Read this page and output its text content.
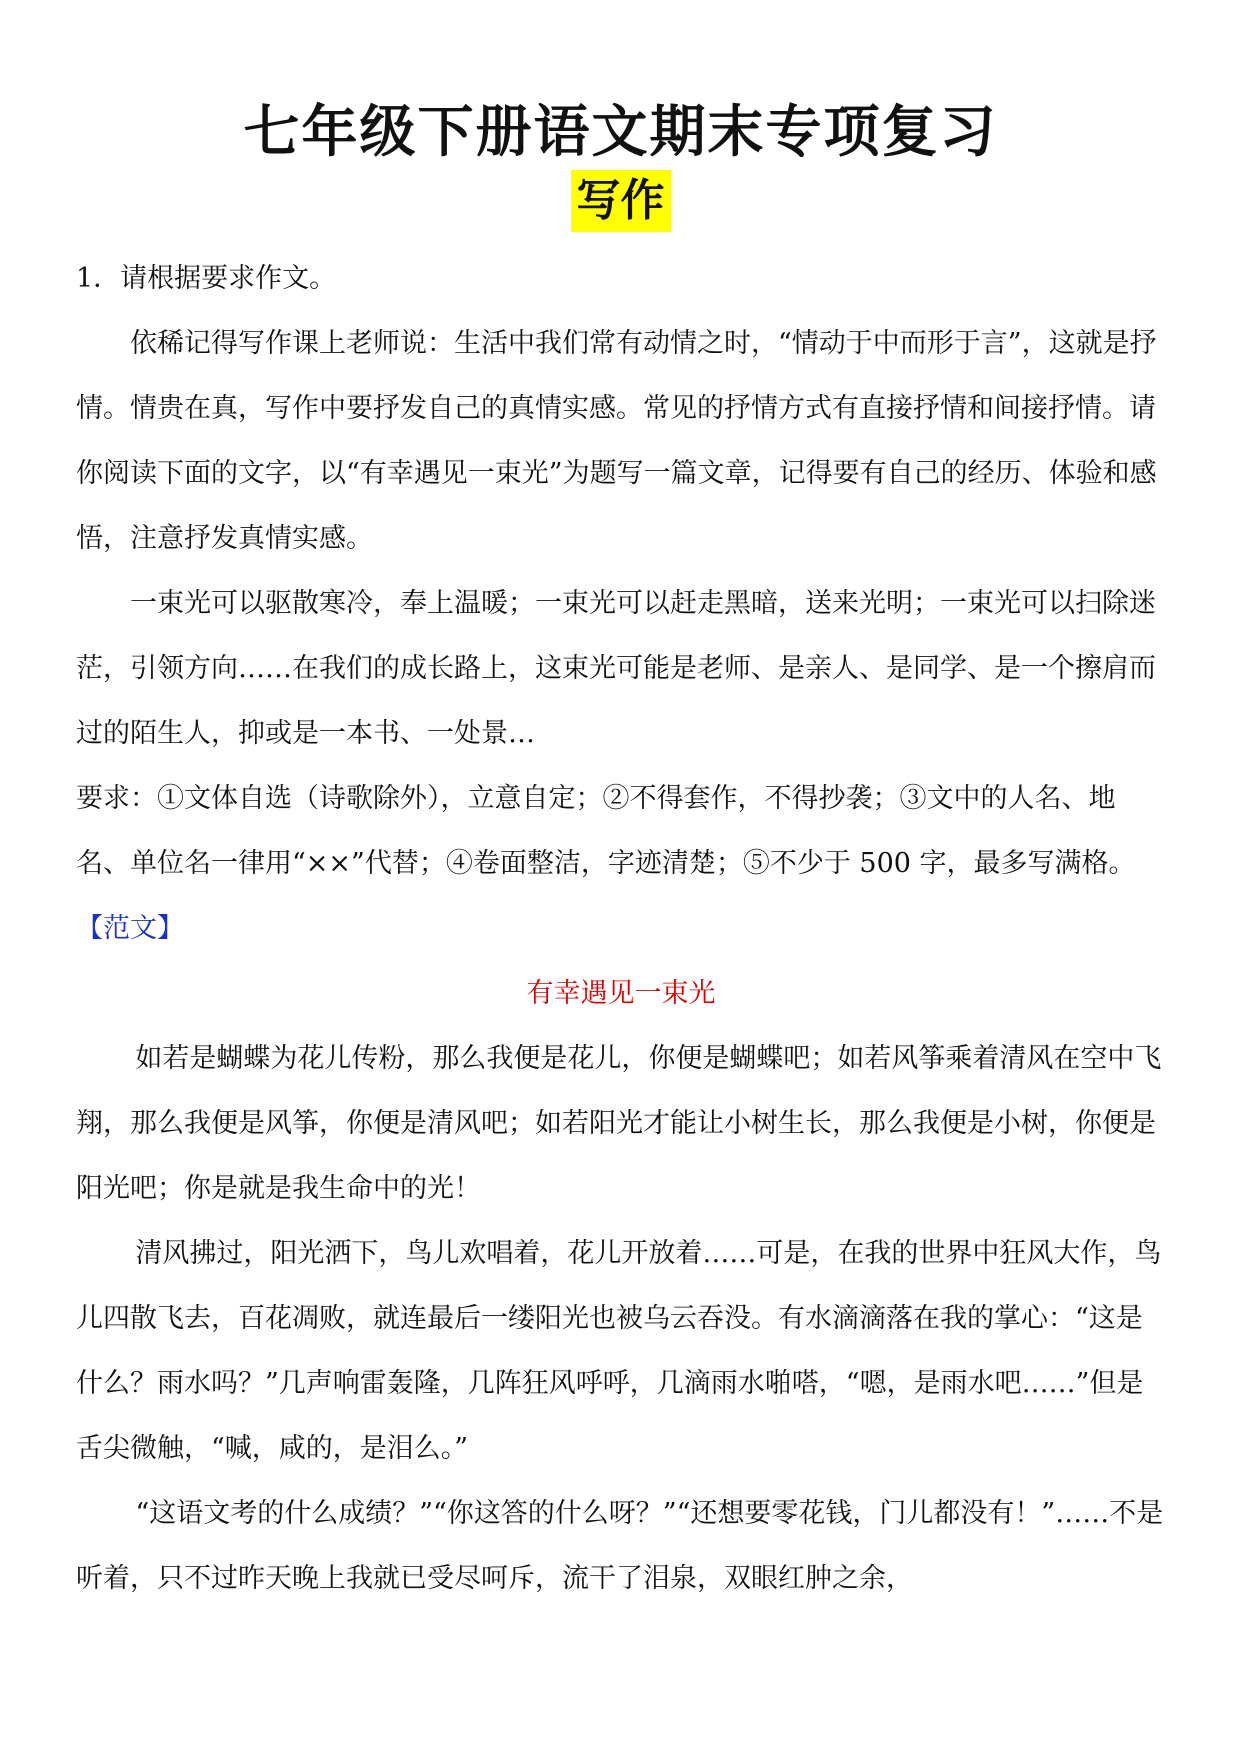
七年级下册语文期末专项复习
写作

1．请根据要求作文。

依稀记得写作课上老师说：生活中我们常有动情之时，“情动于中而形于言”，这就是抒情。情贵在真，写作中要抒发自己的真情实感。常见的抒情方式有直接抒情和间接抒情。请你阅读下面的文字，以“有幸遇见一束光”为题写一篇文章，记得要有自己的经历、体验和感悟，注意抒发真情实感。

一束光可以驱散寒冷，奉上温暖；一束光可以赶走黑暗，送来光明；一束光可以扫除迷茫，引领方向……在我们的成长路上，这束光可能是老师、是亲人、是同学、是一个擦肩而过的陌生人，抑或是一本书、一处景…

要求：①文体自选（诗歌除外），立意自定；②不得套作，不得抄袭；③文中的人名、地名、单位名一律用“××”代替；④卷面整洁，字迹清楚；⑤不少于 500 字，最多写满格。

【范文】

有幸遇见一束光

如若是蝴蝶为花儿传粉，那么我便是花儿，你便是蝴蝶吧；如若风筝乘着清风在空中飞翔，那么我便是风筝，你便是清风吧；如若阳光才能让小树生长，那么我便是小树，你便是阳光吧；你是就是我生命中的光！

清风拂过，阳光洒下，鸟儿欢唱着，花儿开放着……可是，在我的世界中狂风大作，鸟儿四散飞去，百花凋败，就连最后一缕阳光也被乌云吞没。有水滴滴落在我的掌心：“这是什么？雨水吗？”几声响雷轰隆，几阵狂风呼呼，几滴雨水啪嗒，“嗯，是雨水吧……”但是舌尖微触，“喊，咸的，是泪么。”

“这语文考的什么成绩？”“你这答的什么呀？”“还想要零花钱，门儿都没有！”……不是听着，只不过昨天晚上我就已受尽呵斥，流干了泪泉，双眼红肿之余，
